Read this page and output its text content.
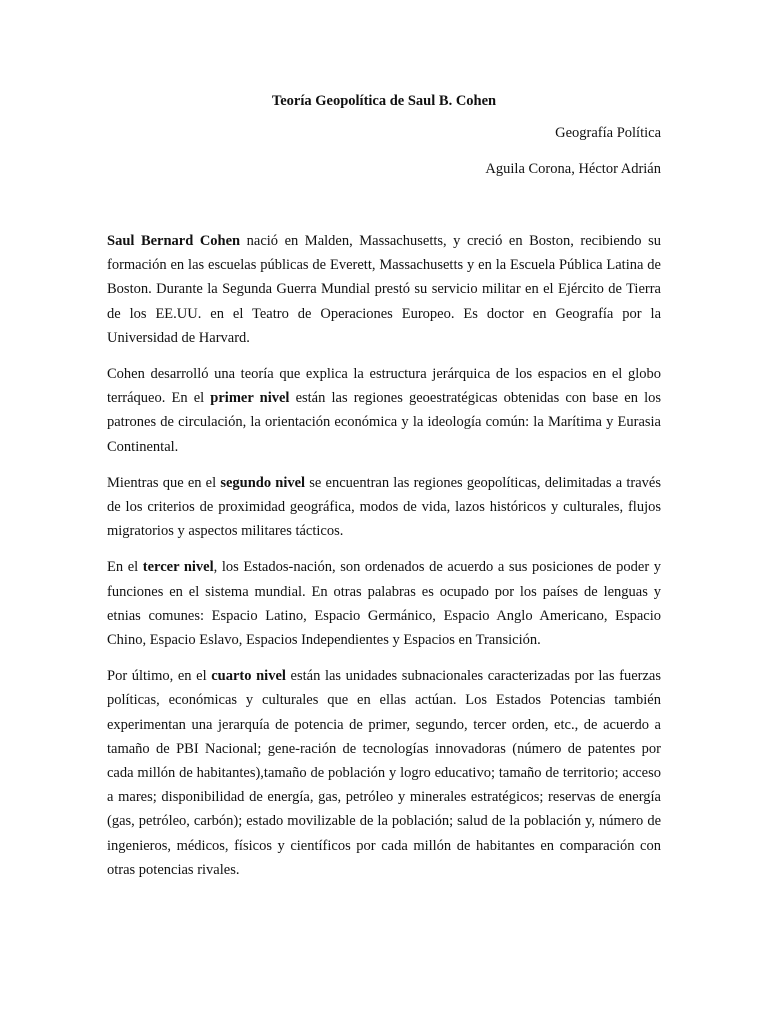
Teoría Geopolítica de Saul B. Cohen
Geografía Política
Aguila Corona, Héctor Adrián

Saul Bernard Cohen nació en Malden, Massachusetts, y creció en Boston, recibiendo su formación en las escuelas públicas de Everett, Massachusetts y en la Escuela Pública Latina de Boston. Durante la Segunda Guerra Mundial prestó su servicio militar en el Ejército de Tierra de los EE.UU. en el Teatro de Operaciones Europeo. Es doctor en Geografía por la Universidad de Harvard.

Cohen desarrolló una teoría que explica la estructura jerárquica de los espacios en el globo terráqueo. En el primer nivel están las regiones geoestratégicas obtenidas con base en los patrones de circulación, la orientación económica y la ideología común: la Marítima y Eurasia Continental.

Mientras que en el segundo nivel se encuentran las regiones geopolíticas, delimitadas a través de los criterios de proximidad geográfica, modos de vida, lazos históricos y culturales, flujos migratorios y aspectos militares tácticos.

En el tercer nivel, los Estados-nación, son ordenados de acuerdo a sus posiciones de poder y funciones en el sistema mundial. En otras palabras es ocupado por los países de lenguas y etnias comunes: Espacio Latino, Espacio Germánico, Espacio Anglo Americano, Espacio Chino, Espacio Eslavo, Espacios Independientes y Espacios en Transición.

Por último, en el cuarto nivel están las unidades subnacionales caracterizadas por las fuerzas políticas, económicas y culturales que en ellas actúan. Los Estados Potencias también experimentan una jerarquía de potencia de primer, segundo, tercer orden, etc., de acuerdo a tamaño de PBI Nacional; gene-ración de tecnologías innovadoras (número de patentes por cada millón de habitantes),tamaño de población y logro educativo; tamaño de territorio; acceso a mares; disponibilidad de energía, gas, petróleo y minerales estratégicos; reservas de energía (gas, petróleo, carbón); estado movilizable de la población; salud de la población y, número de ingenieros, médicos, físicos y científicos por cada millón de habitantes en comparación con otras potencias rivales.
